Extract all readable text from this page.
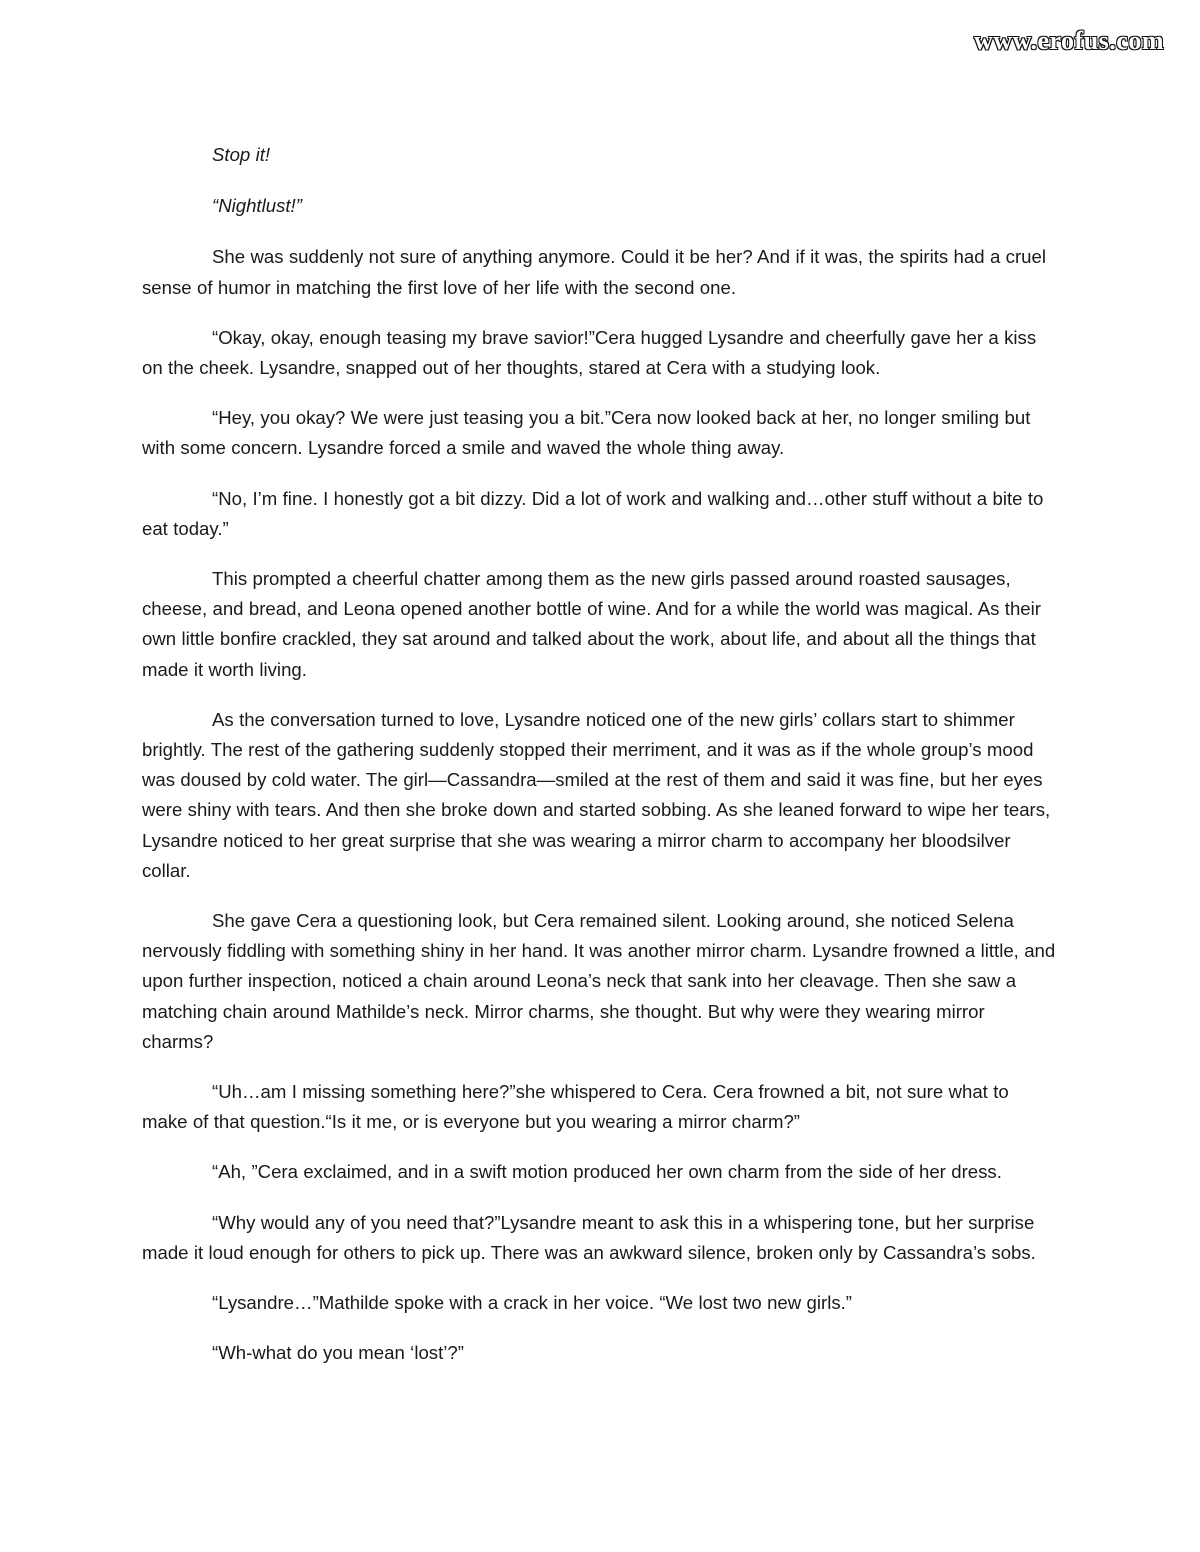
www.erofus.com

Stop it!

“Nightlust!”

She was suddenly not sure of anything anymore. Could it be her? And if it was, the spirits had a cruel sense of humor in matching the first love of her life with the second one.

“Okay, okay, enough teasing my brave savior!”Cera hugged Lysandre and cheerfully gave her a kiss on the cheek. Lysandre, snapped out of her thoughts, stared at Cera with a studying look.

“Hey, you okay? We were just teasing you a bit.”Cera now looked back at her, no longer smiling but with some concern. Lysandre forced a smile and waved the whole thing away.

“No, I’m fine. I honestly got a bit dizzy. Did a lot of work and walking and…other stuff without a bite to eat today.”

This prompted a cheerful chatter among them as the new girls passed around roasted sausages, cheese, and bread, and Leona opened another bottle of wine. And for a while the world was magical. As their own little bonfire crackled, they sat around and talked about the work, about life, and about all the things that made it worth living.

As the conversation turned to love, Lysandre noticed one of the new girls’ collars start to shimmer brightly. The rest of the gathering suddenly stopped their merriment, and it was as if the whole group’s mood was doused by cold water. The girl—Cassandra—smiled at the rest of them and said it was fine, but her eyes were shiny with tears. And then she broke down and started sobbing. As she leaned forward to wipe her tears, Lysandre noticed to her great surprise that she was wearing a mirror charm to accompany her bloodsilver collar.

She gave Cera a questioning look, but Cera remained silent. Looking around, she noticed Selena nervously fiddling with something shiny in her hand. It was another mirror charm. Lysandre frowned a little, and upon further inspection, noticed a chain around Leona’s neck that sank into her cleavage. Then she saw a matching chain around Mathilde’s neck. Mirror charms, she thought. But why were they wearing mirror charms?

“Uh…am I missing something here?”she whispered to Cera. Cera frowned a bit, not sure what to make of that question.“Is it me, or is everyone but you wearing a mirror charm?”

“Ah, ”Cera exclaimed, and in a swift motion produced her own charm from the side of her dress.

“Why would any of you need that?”Lysandre meant to ask this in a whispering tone, but her surprise made it loud enough for others to pick up. There was an awkward silence, broken only by Cassandra’s sobs.

“Lysandre…”Mathilde spoke with a crack in her voice. “We lost two new girls.”

“Wh-what do you mean ‘lost’?”
